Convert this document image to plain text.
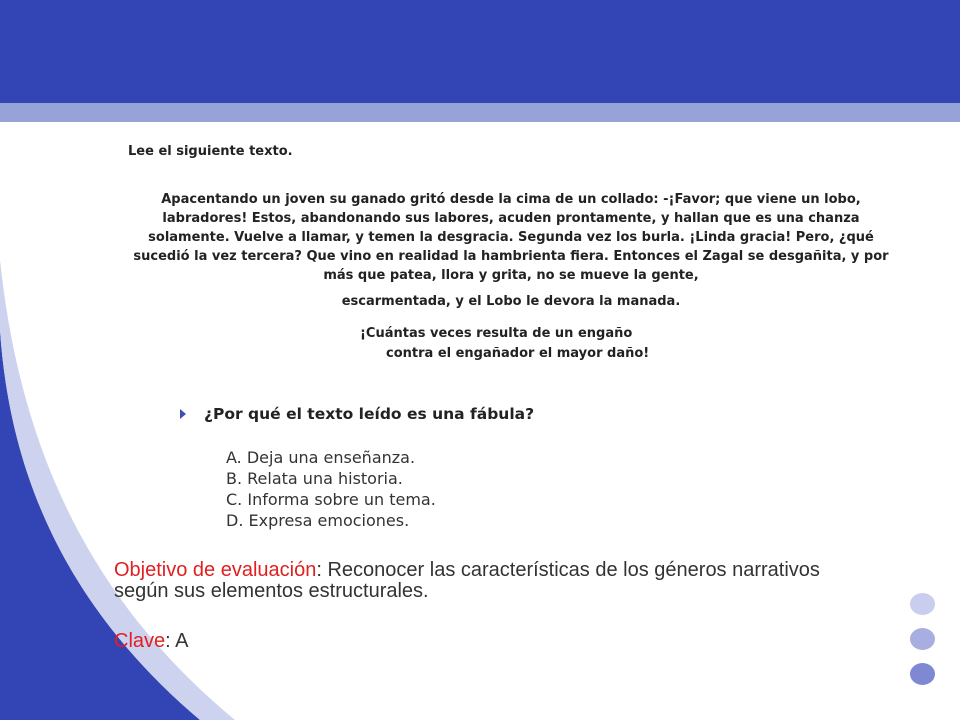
Lee el siguiente texto.

Apacentando un joven su ganado gritó desde la cima de un collado: -¡Favor; que viene un lobo, labradores! Estos, abandonando sus labores, acuden prontamente, y hallan que es una chanza solamente. Vuelve a llamar, y temen la desgracia. Segunda vez los burla. ¡Linda gracia! Pero, ¿qué sucedió la vez tercera? Que vino en realidad la hambrienta fiera. Entonces el Zagal se desgañita, y por más que patea, llora y grita, no se mueve la gente,
escarmentada, y el Lobo le devora la manada.

¡Cuántas veces resulta de un engaño
contra el engañador el mayor daño!
¿Por qué el texto leído es una fábula?
A. Deja una enseñanza.
B. Relata una historia.
C. Informa sobre un tema.
D. Expresa emociones.

Objetivo de evaluación: Reconocer las características de los géneros narrativos según sus elementos estructurales.

Clave: A
